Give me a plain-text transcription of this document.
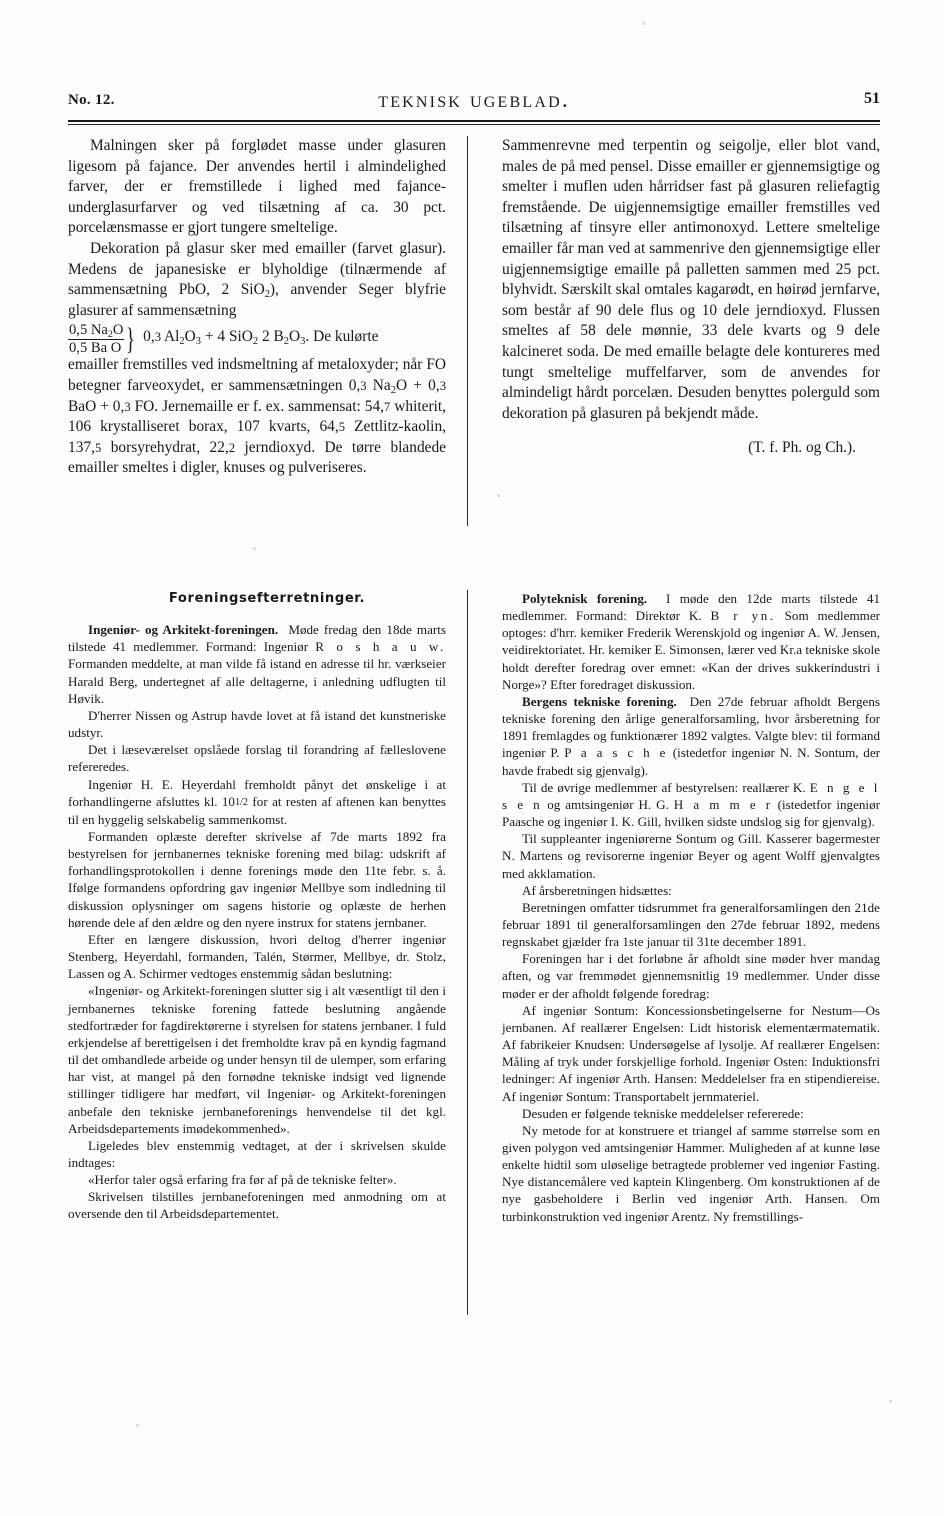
No. 12.	teknisk ugeblad.	51

Malningen sker på forglødet masse under glasuren ligesom på fajance. Der anvendes hertil i almindelighed farver, der er fremstillede i lighed med fajance-underglasurfarver og ved tilsætning af ca. 30 pct. porcelænsmasse er gjort tungere smeltelige.

Dekoration på glasur sker med emailler (farvet glasur). Medens de japanesiske er blyholdige (tilnærmende af sammensætning PbO, 2 SiO$_2$), anvender Seger blyfrie glasurer af sammensætning

$\frac{0,5 Na_2O}{\text{0,5 Ba O}}$ } 0,3 $Al_2O_3 + 4$ SiO$_2$ 2 $B_2O_3$. De kulørte

emailler fremstilles ved indsmeltning af metaloxyder; når FO betegner farveoxydet, er sammensætningen 0,3 $Na_2O + 0,3$ BaO + 0,3 FO. Jernemaille er f. ex. sammensat: 54,7 whiterit, 106 krystalliseret borax, 107 kvarts, 64,5 Zettlitz-kaolin, 137,5 borsyrehydrat, 22,2 jerndioxyd. De tørre blandede emailler smeltes i digler, knuses og pulveriseres.

Sammenrevne med terpentin og seigolje, eller blot vand, males de på med pensel. Disse emailler er gjennemsigtige og smelter i muflen uden hårridser fast på glasuren reliefagtig fremstående. De uigjennemsigtige emailler fremstilles ved tilsætning af tinsyre eller antimonoxyd. Lettere smeltelige emailler får man ved at sammenrive den gjennemsigtige eller uigjennemsigtige emaille på palletten sammen med 25 pct. blyhvidt. Særskilt skal omtales kagarødt, en høirød jernfarve, som består af 90 dele flus og 10 dele jerndioxyd. Flussen smeltes af 58 dele mønnie, 33 dele kvarts og 9 dele kalcineret soda. De med emaille belagte dele kontureres med tungt smeltelige muffelfarver, som de anvendes for almindeligt hårdt porcelæn. Desuden benyttes polerguld som dekoration på glasuren på bekjendt måde.

(T. f. Ph. og Ch.).

Foreningsefterretninger.

Ingeniør- og Arkitekt-foreningen. Møde fredag den 18de marts tilstede 41 medlemmer. Formand: Ingeniør R o s h a u w. Formanden meddelte, at man vilde få istand en adresse til hr. værkseier Harald Berg, undertegnet af alle deltagerne, i anledning udflugten til Høvik.

D'herrer Nissen og Astrup havde lovet at få istand det kunstneriske udstyr.

Det i læseværelset opslåede forslag til forandring af fælleslovene refereredes.

Ingeniør H. E. Heyerdahl fremholdt pånyt det ønskelige i at forhandlingerne afsluttes kl. $10^{1/2}$ for at resten af aftenen kan benyttes til en hyggelig selskabelig sammenkomst.

Formanden oplæste derefter skrivelse af 7de marts 1892 fra bestyrelsen for jernbanernes tekniske forening med bilag: udskrift af forhandlingsprotokollen i denne forenings møde den 11te febr. s. å. Ifølge formandens opfordring gav ingeniør Mellbye som indledning til diskussion oplysninger om sagens historie og oplæste de herhen hørende dele af den ældre og den nyere instrux for statens jernbaner.

Efter en længere diskussion, hvori deltog d'herrer ingeniør Stenberg, Heyerdahl, formanden, Talén, Størmer, Mellbye, dr. Stolz, Lassen og A. Schirmer vedtoges enstemmig sådan beslutning:

«Ingeniør- og Arkitekt-foreningen slutter sig i alt væsentligt til den i jernbanernes tekniske forening fattede beslutning angående stedfortræder for fagdirektørerne i styrelsen for statens jernbaner. I fuld erkjendelse af berettigelsen i det fremholdte krav på en kyndig fagmand til det omhandlede arbeide og under hensyn til de ulemper, som erfaring har vist, at mangel på den fornødne tekniske indsigt ved lignende stillinger tidligere har medført, vil Ingeniør- og Arkitekt-foreningen anbefale den tekniske jernbaneforenings henvendelse til det kgl. Arbeidsdepartements imødekommenhed».

Ligeledes blev enstemmig vedtaget, at der i skrivelsen skulde indtages:

«Herfor taler også erfaring fra før af på de tekniske felter».

Skrivelsen tilstilles jernbaneforeningen med anmodning om at oversende den til Arbeidsdepartementet.

Polyteknisk forening. I møde den 12de marts tilstede 41 medlemmer. Formand: Direktør K. B r yn. Som medlemmer optoges: d'hrr. kemiker Frederik Werenskjold og ingeniør A. W. Jensen, veidirektoriatet. Hr. kemiker E. Simonsen, lærer ved Kr.a tekniske skole holdt derefter foredrag over emnet: «Kan der drives sukkerindustri i Norge»? Efter foredraget diskussion.

Bergens tekniske forening. Den 27de februar afholdt Bergens tekniske forening den årlige generalforsamling, hvor årsberetning for 1891 fremlagdes og funktionærer 1892 valgtes. Valgte blev: til formand ingeniør P. P a a s c h e (istedetfor ingeniør N. N. Sontum, der havde frabedt sig gjenvalg).

Til de øvrige medlemmer af bestyrelsen: reallærer K. E n g e l s e n og amtsingeniør H. G. H a m m e r (istedetfor ingeniør Paasche og ingeniør I. K. Gill, hvilken sidste undslog sig for gjenvalg).

Til suppleanter ingeniørerne Sontum og Gill. Kasserer bagermester N. Martens og revisorerne ingeniør Beyer og agent Wolff gjenvalgtes med akklamation.

Af årsberetningen hidsættes:

Beretningen omfatter tidsrummet fra generalforsamlingen den 21de februar 1891 til generalforsamlingen den 27de februar 1892, medens regnskabet gjælder fra 1ste januar til 31te december 1891.

Foreningen har i det forløbne år afholdt sine møder hver mandag aften, og var fremmødet gjennemsnitlig 19 medlemmer. Under disse møder er der afholdt følgende foredrag:

Af ingeniør Sontum: Koncessionsbetingelserne for Nestum—Os jernbanen. Af reallærer Engelsen: Lidt historisk elementærmatematik. Af fabrikeier Knudsen: Undersøgelse af lysolje. Af reallærer Engelsen: Måling af tryk under forskjellige forhold. Ingeniør Osten: Induktionsfri ledninger: Af ingeniør Arth. Hansen: Meddelelser fra en stipendiereise. Af ingeniør Sontum: Transportabelt jernmateriel.

Desuden er følgende tekniske meddelelser refererede:

Ny metode for at konstruere et triangel af samme størrelse som en given polygon ved amtsingeniør Hammer. Muligheden af at kunne løse enkelte hidtil som uløselige betragtede problemer ved ingeniør Fasting. Nye distancemålere ved kaptein Klingenberg. Om konstruktionen af de nye gasbeholdere i Berlin ved ingeniør Arth. Hansen. Om turbinkonstruktion ved ingeniør Arentz. Ny fremstillings-
